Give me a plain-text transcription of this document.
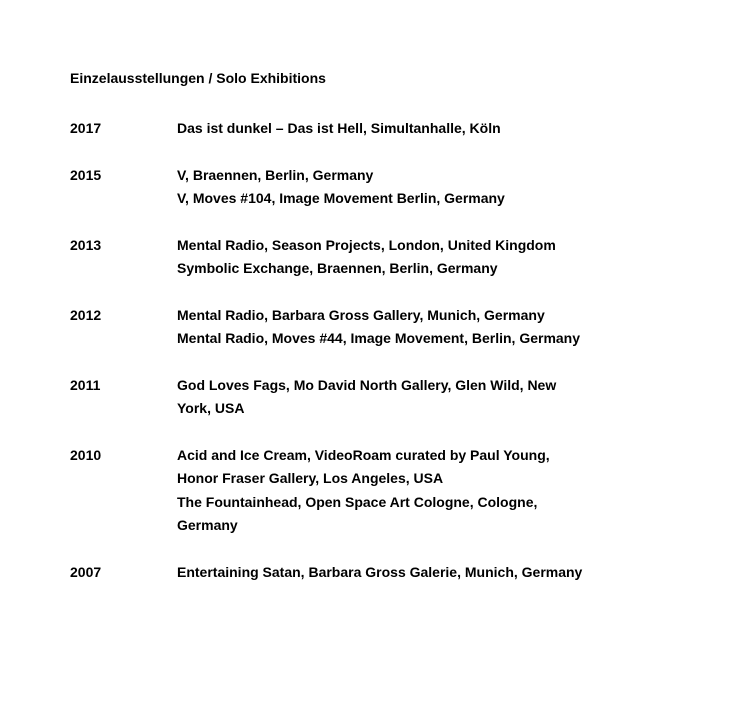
Einzelausstellungen / Solo Exhibitions
2017	Das ist dunkel – Das ist Hell, Simultanhalle, Köln
2015	V, Braennen, Berlin, Germany
V, Moves #104, Image Movement Berlin, Germany
2013	Mental Radio, Season Projects, London, United Kingdom
Symbolic Exchange, Braennen, Berlin, Germany
2012	Mental Radio, Barbara Gross Gallery, Munich, Germany
Mental Radio, Moves #44, Image Movement, Berlin, Germany
2011	God Loves Fags, Mo David North Gallery, Glen Wild, New
York, USA
2010	Acid and Ice Cream, VideoRoam curated by Paul Young,
Honor Fraser Gallery, Los Angeles, USA
The Fountainhead, Open Space Art Cologne, Cologne,
Germany
2007	Entertaining Satan, Barbara Gross Galerie, Munich, Germany
